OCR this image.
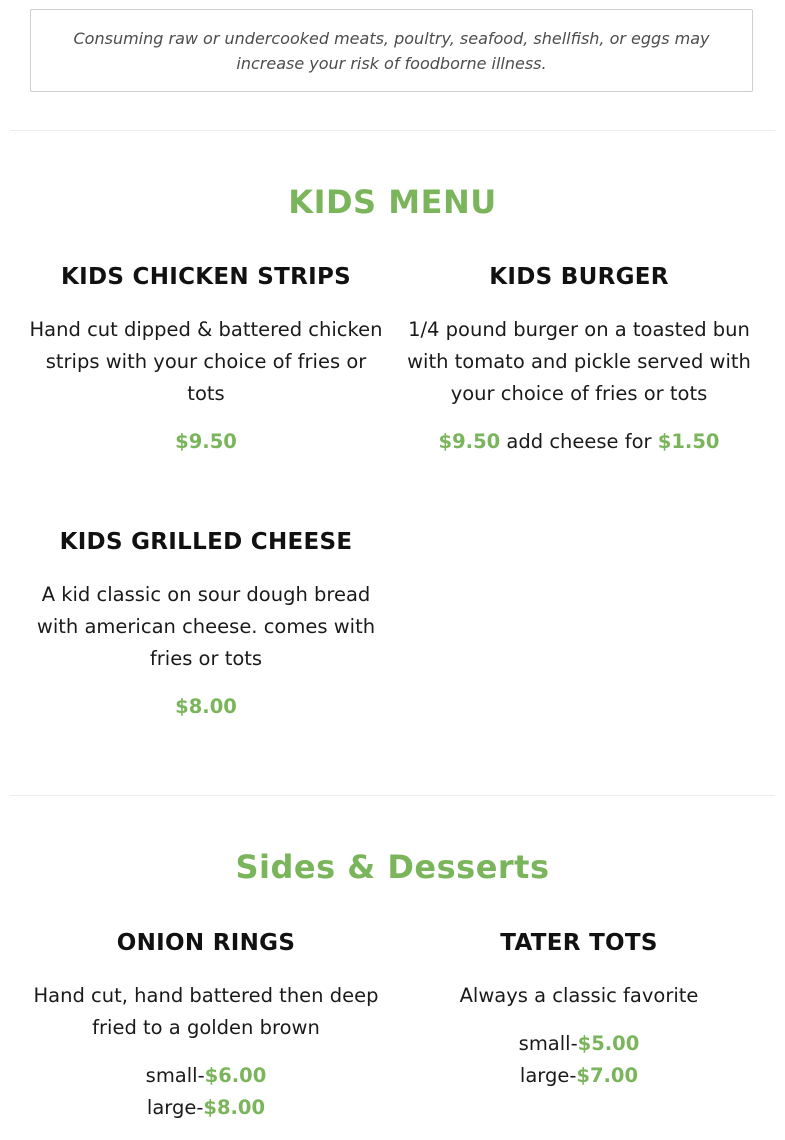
Consuming raw or undercooked meats, poultry, seafood, shellfish, or eggs may increase your risk of foodborne illness.
KIDS MENU
KIDS CHICKEN STRIPS
Hand cut dipped & battered chicken strips with your choice of fries or tots
$9.50
KIDS BURGER
1/4 pound burger on a toasted bun with tomato and pickle served with your choice of fries or tots
$9.50 add cheese for $1.50
KIDS GRILLED CHEESE
A kid classic on sour dough bread with american cheese. comes with fries or tots
$8.00
Sides & Desserts
ONION RINGS
Hand cut, hand battered then deep fried to a golden brown
small-$6.00
large-$8.00
TATER TOTS
Always a classic favorite
small-$5.00
large-$7.00
